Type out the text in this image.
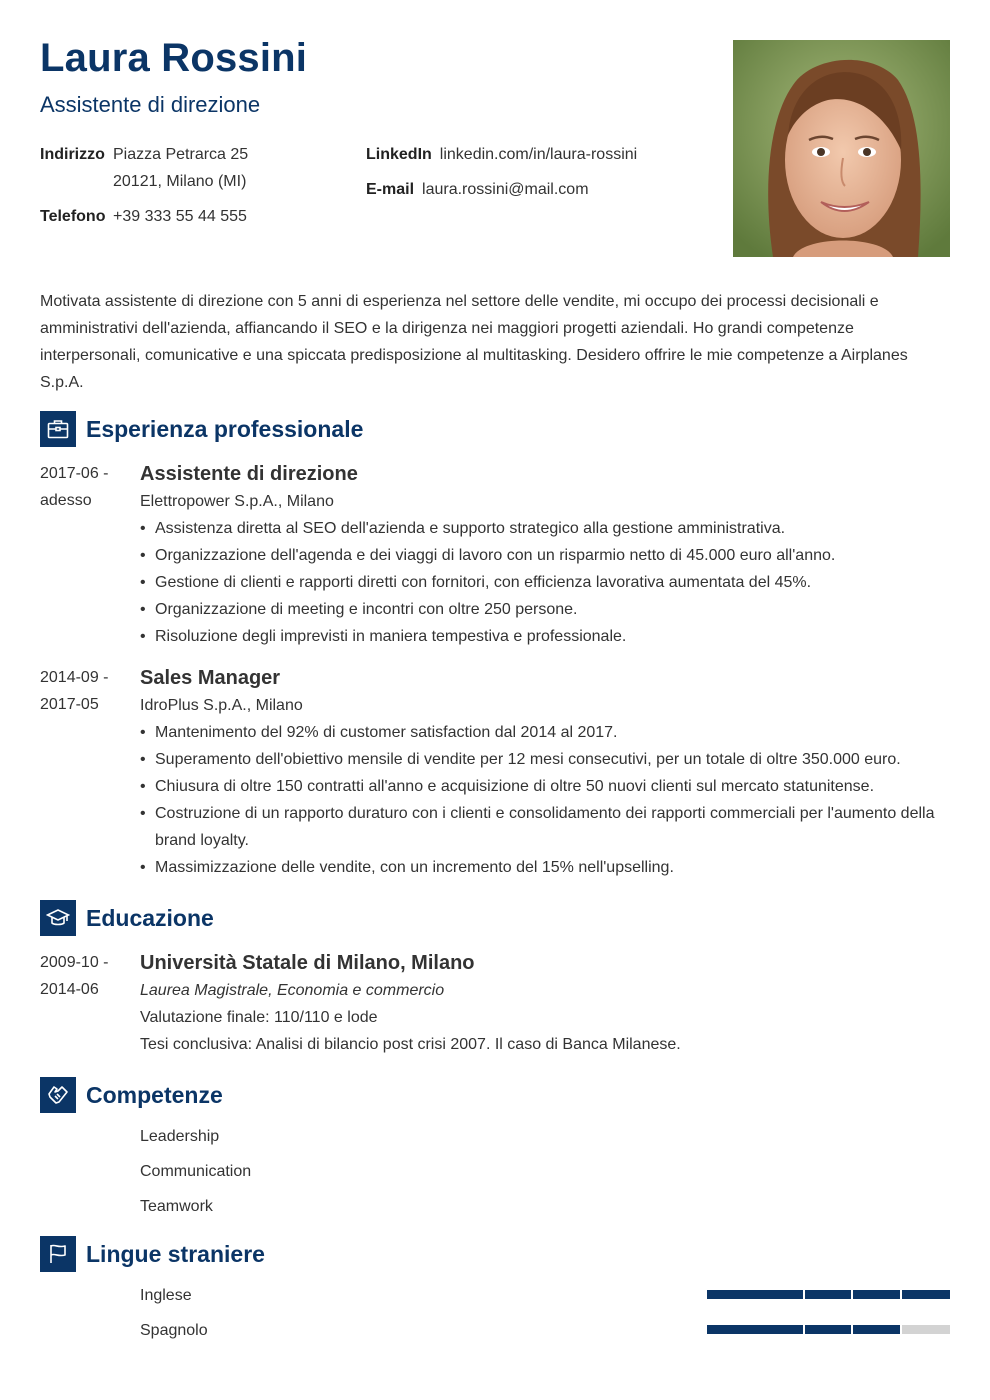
Laura Rossini
Assistente di direzione
Indirizzo Piazza Petrarca 25
20121, Milano (MI)
Telefono +39 333 55 44 555
LinkedIn linkedin.com/in/laura-rossini
E-mail laura.rossini@mail.com
Motivata assistente di direzione con 5 anni di esperienza nel settore delle vendite, mi occupo dei processi decisionali e amministrativi dell'azienda, affiancando il SEO e la dirigenza nei maggiori progetti aziendali. Ho grandi competenze interpersonali, comunicative e una spiccata predisposizione al multitasking. Desidero offrire le mie competenze a Airplanes S.p.A.
Esperienza professionale
2017-06 -
adesso
Assistente di direzione
Elettropower S.p.A., Milano
• Assistenza diretta al SEO dell'azienda e supporto strategico alla gestione amministrativa.
• Organizzazione dell'agenda e dei viaggi di lavoro con un risparmio netto di 45.000 euro all'anno.
• Gestione di clienti e rapporti diretti con fornitori, con efficienza lavorativa aumentata del 45%.
• Organizzazione di meeting e incontri con oltre 250 persone.
• Risoluzione degli imprevisti in maniera tempestiva e professionale.
2014-09 -
2017-05
Sales Manager
IdroPlus S.p.A., Milano
• Mantenimento del 92% di customer satisfaction dal 2014 al 2017.
• Superamento dell'obiettivo mensile di vendite per 12 mesi consecutivi, per un totale di oltre 350.000 euro.
• Chiusura di oltre 150 contratti all'anno e acquisizione di oltre 50 nuovi clienti sul mercato statunitense.
• Costruzione di un rapporto duraturo con i clienti e consolidamento dei rapporti commerciali per l'aumento della brand loyalty.
• Massimizzazione delle vendite, con un incremento del 15% nell'upselling.
Educazione
2009-10 -
2014-06
Università Statale di Milano, Milano
Laurea Magistrale, Economia e commercio
Valutazione finale: 110/110 e lode
Tesi conclusiva: Analisi di bilancio post crisi 2007. Il caso di Banca Milanese.
Competenze
Leadership
Communication
Teamwork
Lingue straniere
Inglese
Spagnolo
